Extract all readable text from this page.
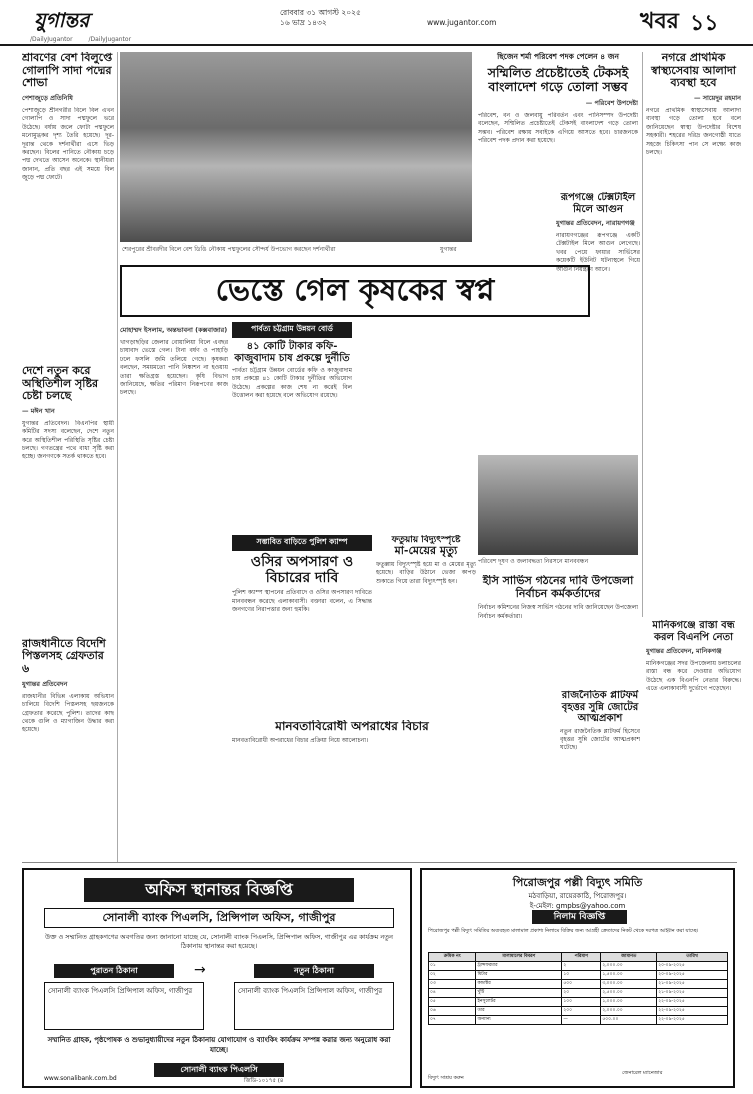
যুগান্তর	রোববার ৩১ আগস্ট ২০২৫
১৬ ভাদ্র ১৪৩২	www.jugantor.com	খবর ১১
/DailyJugantor	/DailyJugantor
শ্রাবণের বেশ বিলুপ্তে গোলাপি সাদা পদ্মের শোভা
পেশাজুড়ে প্রতিনিধি
পেশাজুড়ে শ্রীনগরীর বিলে বিল এখন গোলাপি ও সাদা পদ্মফুলে ভরে উঠেছে। বর্ষায় জলে ফোটা পদ্মফুলে মনোমুগ্ধকর দৃশ্য তৈরি হয়েছে। দূর-দূরান্ত থেকে দর্শনার্থীরা এসে ভিড় করছেন। বিলের পানিতে নৌকায় চড়ে পদ্ম দেখতে আসেন অনেকে। স্থানীয়রা জানান, প্রতি বছর এই সময়ে বিল জুড়ে পদ্ম ফোটে।
দেশে নতুন করে অস্থিতিশীল সৃষ্টির চেষ্টা চলছে
— মঈন খান
যুগান্তর প্রতিবেদন। বিএনপির স্থায়ী কমিটির সদস্য বলেছেন, দেশে নতুন করে অস্থিতিশীল পরিস্থিতি সৃষ্টির চেষ্টা চলছে। গণতন্ত্রের পথে বাধা সৃষ্টি করা হচ্ছে। জনগণকে সতর্ক থাকতে হবে।
রাজধানীতে বিদেশি পিস্তলসহ গ্রেফতার ৬
যুগান্তর প্রতিবেদন
রাজধানীর বিভিন্ন এলাকায় অভিযান চালিয়ে বিদেশি পিস্তলসহ ছয়জনকে গ্রেফতার করেছে পুলিশ। তাদের কাছ থেকে গুলি ও ম্যাগাজিন উদ্ধার করা হয়েছে।
শেরপুরের শ্রীবরদীর বিলে বেশ ডিঙি নৌকায় পদ্মফুলের সৌন্দর্য উপভোগ করছেন দর্শনার্থীরা	যুগান্তর
ছিজেন শর্মা পরিবেশ পদক পেলেন ৪ জন
সম্মিলিত প্রচেষ্টাতেই টেকসই বাংলাদেশ গড়ে তোলা সম্ভব
— পরিবেশ উপদেষ্টা
পরিবেশ, বন ও জলবায়ু পরিবর্তন এবং পানিসম্পদ উপদেষ্টা বলেছেন, সম্মিলিত প্রচেষ্টাতেই টেকসই বাংলাদেশ গড়ে তোলা সম্ভব। পরিবেশ রক্ষায় সবাইকে এগিয়ে আসতে হবে। চারজনকে পরিবেশ পদক প্রদান করা হয়েছে।
নগরে প্রাথমিক স্বাস্থ্যসেবায় আলাদা ব্যবস্থা হবে
— সায়েদুর রহমান
নগরে প্রাথমিক স্বাস্থ্যসেবায় আলাদা ব্যবস্থা গড়ে তোলা হবে বলে জানিয়েছেন স্বাস্থ্য উপদেষ্টার বিশেষ সহকারী। শহরের দরিদ্র জনগোষ্ঠী যাতে সহজে চিকিৎসা পান সে লক্ষ্যে কাজ চলছে।
ভেস্তে গেল কৃষকের স্বপ্ন
মোহাম্মদ ইসলাম, অন্তভাবনা (কক্সবাজার)
খাগড়াছড়ির জেলার বোয়ালিয়া বিলে এবছর চাষাবাদ ভেস্তে গেল। টানা বর্ষণ ও পাহাড়ি ঢলে ফসলি জমি তলিয়ে গেছে। কৃষকরা বলছেন, সময়মতো পানি নিষ্কাশন না হওয়ায় তারা ক্ষতিগ্রস্ত হয়েছেন। কৃষি বিভাগ জানিয়েছে, ক্ষতির পরিমাণ নিরূপণের কাজ চলছে।
পার্বত্য চট্টগ্রাম উন্নয়ন বোর্ড
৪১ কোটি টাকার কফি-কাজুবাদাম চাষ প্রকল্পে দুর্নীতি
পার্বত্য চট্টগ্রাম উন্নয়ন বোর্ডের কফি ও কাজুবাদাম চাষ প্রকল্পে ৪১ কোটি টাকার দুর্নীতির অভিযোগ উঠেছে। প্রকল্পের কাজ শেষ না করেই বিল উত্তোলন করা হয়েছে বলে অভিযোগ রয়েছে।
রূপগঞ্জে টেক্সটাইল মিলে আগুন
যুগান্তর প্রতিবেদন, নারায়ণগঞ্জ
নারায়ণগঞ্জের রূপগঞ্জে একটি টেক্সটাইল মিলে আগুন লেগেছে। খবর পেয়ে ফায়ার সার্ভিসের কয়েকটি ইউনিট ঘটনাস্থলে গিয়ে আগুন নিয়ন্ত্রণে আনে।
পরিবেশ দূষণ ও জলাবদ্ধতা নিরসনে মানববন্ধন
মানিকগঞ্জে রাস্তা বন্ধ করল বিএনপি নেতা
যুগান্তর প্রতিবেদন, মানিকগঞ্জ
মানিকগঞ্জের সদর উপজেলায় চলাচলের রাস্তা বন্ধ করে দেওয়ার অভিযোগ উঠেছে এক বিএনপি নেতার বিরুদ্ধে। এতে এলাকাবাসী দুর্ভোগে পড়েছেন।
সম্ভাবিত বাড়িতে পুলিশ ক্যাম্প
ওসির অপসারণ ও বিচারের দাবি
পুলিশ ক্যাম্প স্থাপনের প্রতিবাদে ও ওসির অপসারণ দাবিতে মানববন্ধন করেছে এলাকাবাসী। বক্তারা বলেন, এ সিদ্ধান্ত জনগণের নিরাপত্তার জন্য হুমকি।
ফতুয়ায় বিদ্যুৎস্পৃষ্টে
মা-মেয়ের মৃত্যু
ফতুল্লায় বিদ্যুৎস্পৃষ্ট হয়ে মা ও মেয়ের মৃত্যু হয়েছে। বাড়ির উঠানে ভেজা কাপড় শুকাতে গিয়ে তারা বিদ্যুৎস্পৃষ্ট হন।	ইসি সার্ভিস গঠনের দাবি উপজেলা নির্বাচন কর্মকর্তাদের
নির্বাচন কমিশনের নিজস্ব সার্ভিস গঠনের দাবি জানিয়েছেন উপজেলা নির্বাচন কর্মকর্তারা।
মানবতাবিরোধী অপরাধের বিচার
মানবতাবিরোধী অপরাধের বিচার প্রক্রিয়া নিয়ে আলোচনা।
রাজনৈতিক প্লাটফর্ম বৃহত্তর সুন্নি জোটের আত্মপ্রকাশ
নতুন রাজনৈতিক প্লাটফর্ম হিসেবে বৃহত্তর সুন্নি জোটের আত্মপ্রকাশ ঘটেছে।
অফিস স্থানান্তর বিজ্ঞপ্তি
সোনালী ব্যাংক পিএলসি, প্রিন্সিপাল অফিস, গাজীপুর
উক্ত ও সম্মানিত গ্রাহকগণের অবগতির জন্য জানানো যাচ্ছে যে, সোনালী ব্যাংক পিএলসি, প্রিন্সিপাল অফিস, গাজীপুর এর কার্যক্রম নতুন ঠিকানায় স্থানান্তর করা হয়েছে।
পুরাতন ঠিকানা	নতুন ঠিকানা
→
সোনালী ব্যাংক পিএলসি প্রিন্সিপাল অফিস, গাজীপুর	সোনালী ব্যাংক পিএলসি প্রিন্সিপাল অফিস, গাজীপুর
সম্মানিত গ্রাহক, পৃষ্ঠপোষক ও শুভানুধ্যায়ীদের নতুন ঠিকানায় যোগাযোগ ও ব্যাংকিং কার্যক্রম সম্পন্ন করার জন্য অনুরোধ করা যাচ্ছে।
সোনালী ব্যাংক পিএলসি
www.sonalibank.com.bd	জিডি-১০১৭৫ (৪
পিরোজপুর পল্লী বিদ্যুৎ সমিতি
মঠবাড়িয়া, রায়েরকাঠি, পিরোজপুর।
ই-মেইল: gmpbs@yahoo.com
নিলাম বিজ্ঞপ্তি
পিরোজপুর পল্লী বিদ্যুৎ সমিতির অব্যবহৃত মালামাল প্রকাশ্য নিলামে বিক্রির জন্য আগ্রহী ক্রেতাদের নিকট থেকে দরপত্র আহ্বান করা যাচ্ছে।
ক্রমিক নং	মালামালের বিবরণ	পরিমাণ	জামানত	তারিখ
০১	ট্রান্সফরমার	২	২,০০০.০০	২০-০৯-২০২৫
০২	মিটার	১০	১,৫০০.০০	২০-০৯-২০২৫
০৩	কন্ডাক্টর	৫০০	৩,০০০.০০	২১-০৯-২০২৫
০৪	খুঁটি	২০	২,৫০০.০০	২১-০৯-২০২৫
০৫	ইনসুলেটর	১০০	১,০০০.০০	২২-০৯-২০২৫
০৬	তার	২০০	২,০০০.০০	২২-০৯-২০২৫
০৭	অন্যান্য	—	৫০০.০০	২২-০৯-২০২৫
জেনারেল ম্যানেজার
বিদ্যুৎ সাশ্রয় করুন
